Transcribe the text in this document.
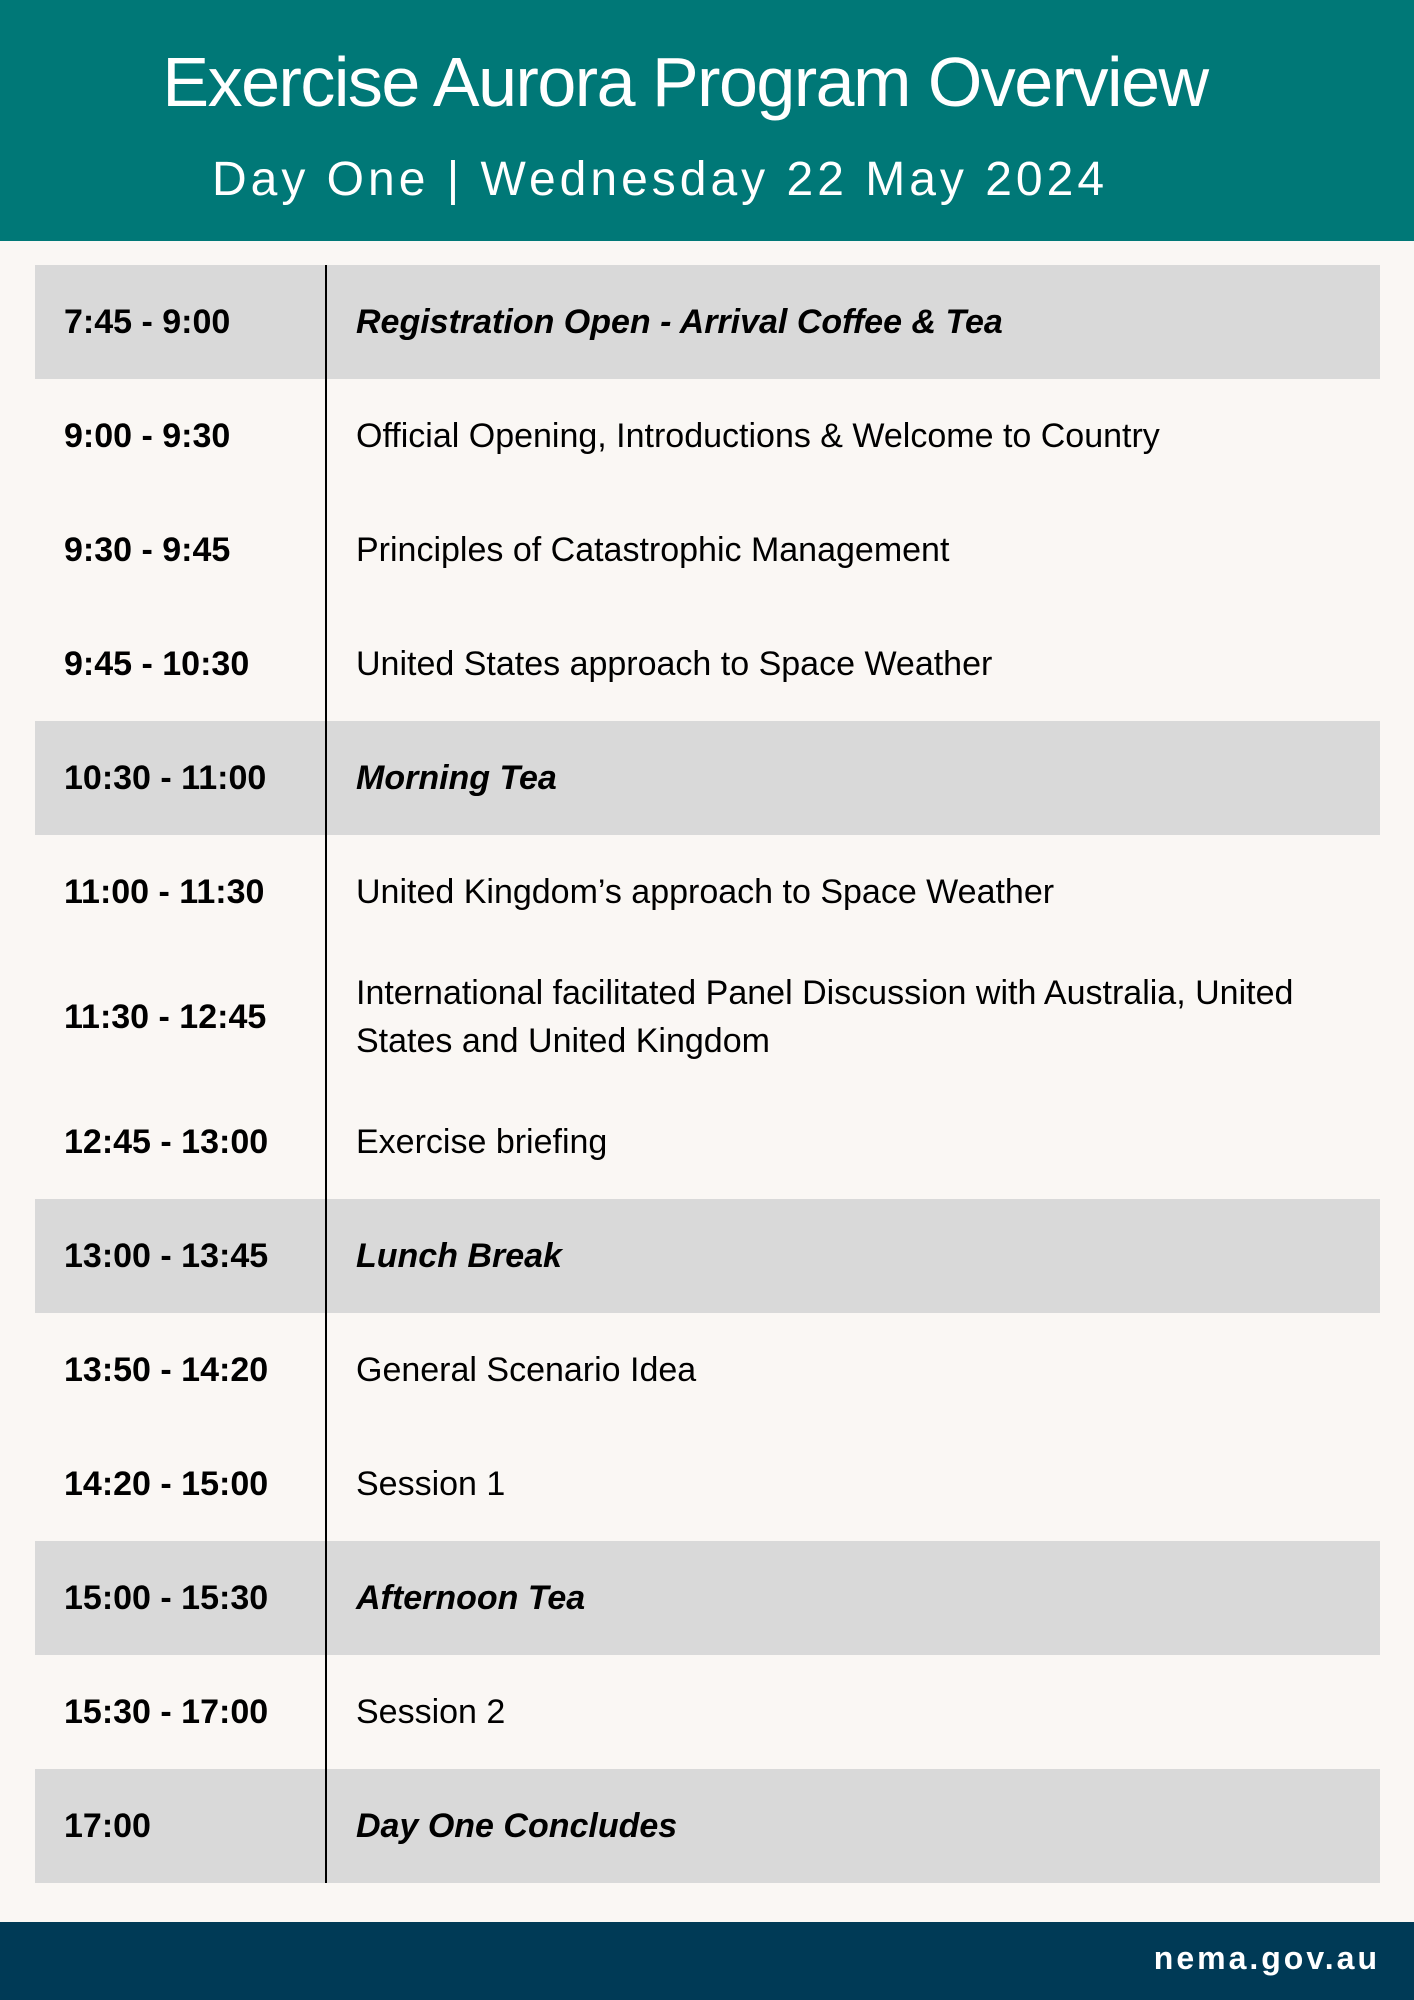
Exercise Aurora Program Overview
Day One | Wednesday 22 May 2024
7:45 - 9:00	Registration Open - Arrival Coffee & Tea
9:00 - 9:30	Official Opening, Introductions & Welcome to Country
9:30 - 9:45	Principles of Catastrophic Management
9:45 - 10:30	United States approach to Space Weather
10:30 - 11:00	Morning Tea
11:00 - 11:30	United Kingdom’s approach to Space Weather
11:30 - 12:45
International facilitated Panel Discussion with Australia, United States and United Kingdom
12:45 - 13:00	Exercise briefing
13:00 - 13:45	Lunch Break
13:50 - 14:20	General Scenario Idea
14:20 - 15:00	Session 1
15:00 - 15:30	Afternoon Tea
15:30 - 17:00	Session 2
17:00	Day One Concludes
nema.gov.au
